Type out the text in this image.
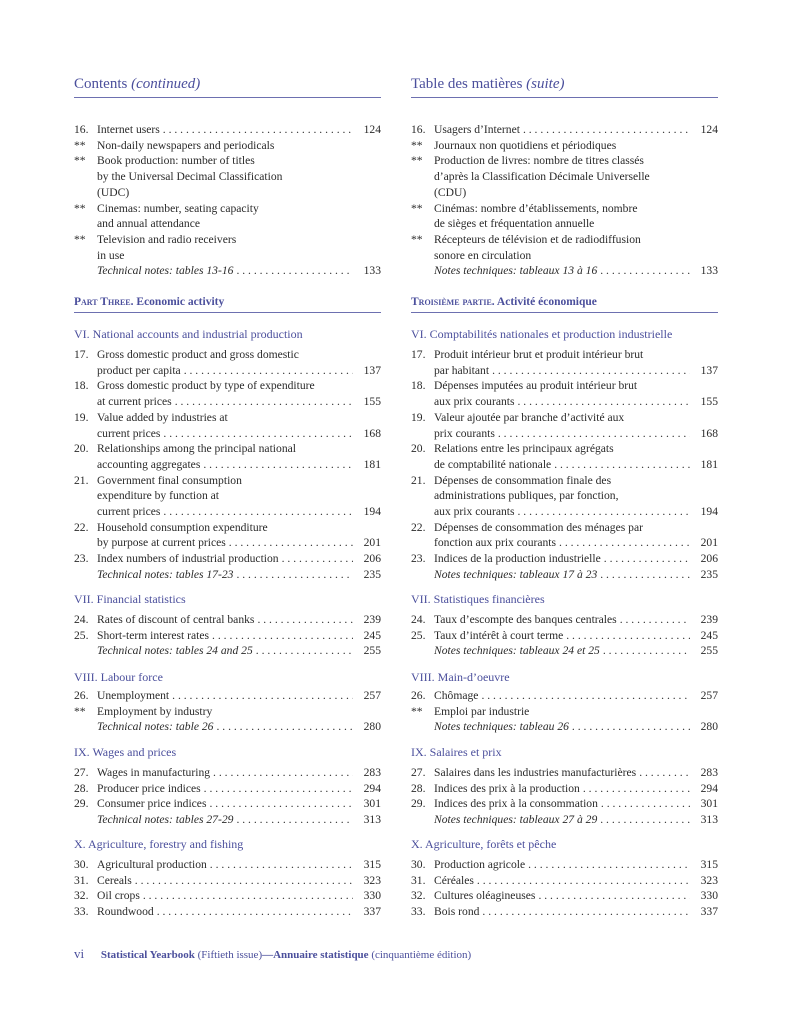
Contents (continued)
16. Internet users . . .	124
** Non-daily newspapers and periodicals
** Book production: number of titles
by the Universal Decimal Classification
(UDC)
** Cinemas: number, seating capacity
and annual attendance
** Television and radio receivers
in use
Technical notes: tables 13-16 . . .	133
Part Three. Economic activity
VI. National accounts and industrial production
17. Gross domestic product and gross domestic
product per capita . . .	137
18. Gross domestic product by type of expenditure
at current prices . . .	155
19. Value added by industries at
current prices . . .	168
20. Relationships among the principal national
accounting aggregates . . .	181
21. Government final consumption
expenditure by function at
current prices . . .	194
22. Household consumption expenditure
by purpose at current prices . . .	201
23. Index numbers of industrial production . . .	206
Technical notes: tables 17-23 . . .	235
VII. Financial statistics
24. Rates of discount of central banks . . .	239
25. Short-term interest rates . . .	245
Technical notes: tables 24 and 25 . . .	255
VIII. Labour force
26. Unemployment . . .	257
** Employment by industry
Technical notes: table 26 . . .	280
IX. Wages and prices
27. Wages in manufacturing . . .	283
28. Producer price indices . . .	294
29. Consumer price indices . . .	301
Technical notes: tables 27-29 . . .	313
X. Agriculture, forestry and fishing
30. Agricultural production . . .	315
31. Cereals . . .	323
32. Oil crops . . .	330
33. Roundwood . . .	337
Table des matières (suite)
16. Usagers d’Internet . . .	124
** Journaux non quotidiens et périodiques
** Production de livres: nombre de titres classés
d’après la Classification Décimale Universelle
(CDU)
** Cinémas: nombre d’établissements, nombre
de sièges et fréquentation annuelle
** Récepteurs de télévision et de radiodiffusion
sonore en circulation
Notes techniques: tableaux 13 à 16 . . .	133
Troisième partie. Activité économique
VI. Comptabilités nationales et production industrielle
17. Produit intérieur brut et produit intérieur brut
par habitant . . .	137
18. Dépenses imputées au produit intérieur brut
aux prix courants . . .	155
19. Valeur ajoutée par branche d’activité aux
prix courants . . .	168
20. Relations entre les principaux agrégats
de comptabilité nationale . . .	181
21. Dépenses de consommation finale des
administrations publiques, par fonction,
aux prix courants . . .	194
22. Dépenses de consommation des ménages par
fonction aux prix courants . . .	201
23. Indices de la production industrielle . . .	206
Notes techniques: tableaux 17 à 23 . . .	235
VII. Statistiques financières
24. Taux d’escompte des banques centrales . . .	239
25. Taux d’intérêt à court terme . . .	245
Notes techniques: tableaux 24 et 25 . . .	255
VIII. Main-d’oeuvre
26. Chômage . . .	257
** Emploi par industrie
Notes techniques: tableau 26 . . .	280
IX. Salaires et prix
27. Salaires dans les industries manufacturières . . .	283
28. Indices des prix à la production . . .	294
29. Indices des prix à la consommation . . .	301
Notes techniques: tableaux 27 à 29 . . .	313
X. Agriculture, forêts et pêche
30. Production agricole . . .	315
31. Céréales . . .	323
32. Cultures oléagineuses . . .	330
33. Bois rond . . .	337
vi Statistical Yearbook (Fiftieth issue)—Annuaire statistique (cinquantième édition)
